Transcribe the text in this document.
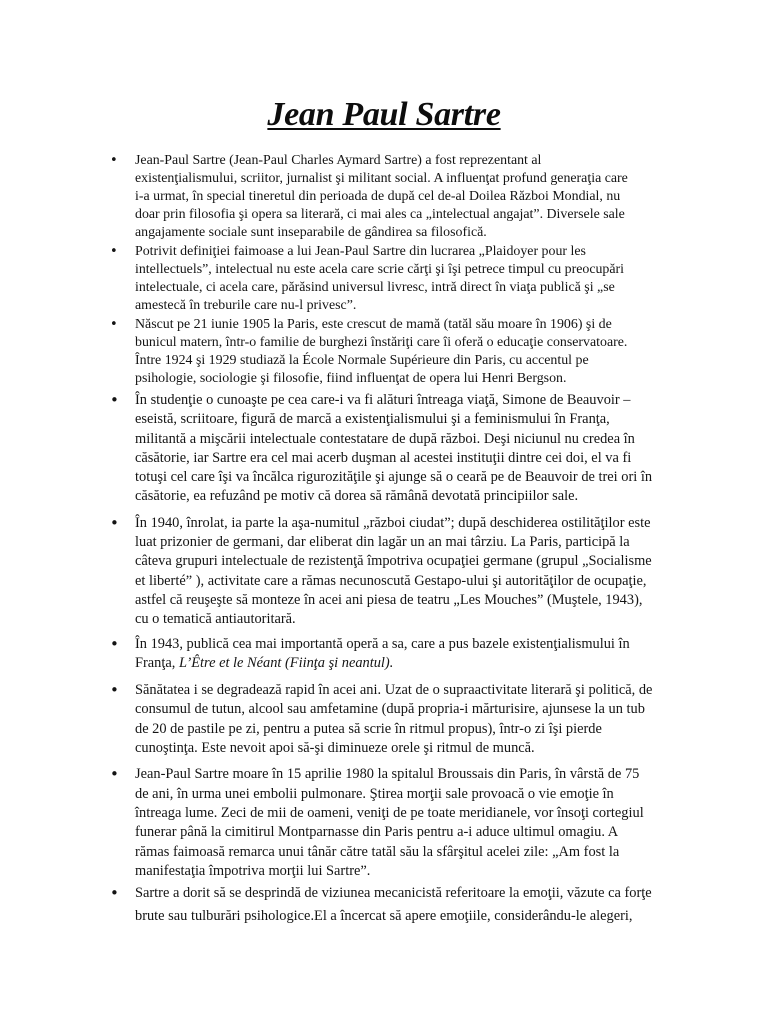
Jean Paul Sartre
•	Jean-Paul Sartre (Jean-Paul Charles Aymard Sartre) a fost reprezentant al
existenţialismului, scriitor, jurnalist şi militant social. A influenţat profund generaţia care
i-a urmat, în special tineretul din perioada de după cel de-al Doilea Război Mondial, nu
doar prin filosofia şi opera sa literară, ci mai ales ca „intelectual angajat”. Diversele sale
angajamente sociale sunt inseparabile de gândirea sa filosofică.
•	Potrivit definiţiei faimoase a lui Jean-Paul Sartre din lucrarea „Plaidoyer pour les
intellectuels”, intelectual nu este acela care scrie cărţi şi îşi petrece timpul cu preocupări
intelectuale, ci acela care, părăsind universul livresc, intră direct în viaţa publică şi „se
amestecă în treburile care nu-l privesc”.
•	Născut pe 21 iunie 1905 la Paris, este crescut de mamă (tatăl său moare în 1906) şi de
bunicul matern, într-o familie de burghezi înstăriţi care îi oferă o educaţie conservatoare.
Între 1924 şi 1929 studiază la École Normale Supérieure din Paris, cu accentul pe
psihologie, sociologie şi filosofie, fiind influenţat de opera lui Henri Bergson.
•	În studenţie o cunoaşte pe cea care-i va fi alături întreaga viaţă, Simone de Beauvoir –
eseistă, scriitoare, figură de marcă a existenţialismului şi a feminismului în Franţa,
militantă a mişcării intelectuale contestatare de după război. Deşi niciunul nu credea în
căsătorie, iar Sartre era cel mai acerb duşman al acestei instituţii dintre cei doi, el va fi
totuşi cel care îşi va încălca rigurozităţile şi ajunge să o ceară pe de Beauvoir de trei ori în
căsătorie, ea refuzând pe motiv că dorea să rămână devotată principiilor sale.
•	În 1940, înrolat, ia parte la aşa-numitul „război ciudat”; după deschiderea ostilităţilor este
luat prizonier de germani, dar eliberat din lagăr un an mai târziu. La Paris, participă la
câteva grupuri intelectuale de rezistenţă împotriva ocupaţiei germane (grupul „Socialisme
et liberté” ), activitate care a rămas necunoscută Gestapo-ului şi autorităţilor de ocupaţie,
astfel că reuşeşte să monteze în acei ani piesa de teatru „Les Mouches” (Muştele, 1943),
cu o tematică antiautoritară.
•	În 1943, publică cea mai importantă operă a sa, care a pus bazele existenţialismului în
Franţa, L’Être et le Néant (Fiinţa şi neantul).
•	Sănătatea i se degradează rapid în acei ani. Uzat de o supraactivitate literară şi politică, de
consumul de tutun, alcool sau amfetamine (după propria-i mărturisire, ajunsese la un tub
de 20 de pastile pe zi, pentru a putea să scrie în ritmul propus), într-o zi îşi pierde
cunoştinţa. Este nevoit apoi să-şi diminueze orele şi ritmul de muncă.
•	Jean-Paul Sartre moare în 15 aprilie 1980 la spitalul Broussais din Paris, în vârstă de 75
de ani, în urma unei embolii pulmonare. Ştirea morţii sale provoacă o vie emoţie în
întreaga lume. Zeci de mii de oameni, veniţi de pe toate meridianele, vor însoţi cortegiul
funerar până la cimitirul Montparnasse din Paris pentru a-i aduce ultimul omagiu. A
rămas faimoasă remarca unui tânăr către tatăl său la sfârşitul acelei zile: „Am fost la
manifestaţia împotriva morţii lui Sartre”.
•	Sartre a dorit să se desprindă de viziunea mecanicistă referitoare la emoţii, văzute ca forţe
brute sau tulburări psihologice.El a încercat să apere emoţiile, considerându-le alegeri,
